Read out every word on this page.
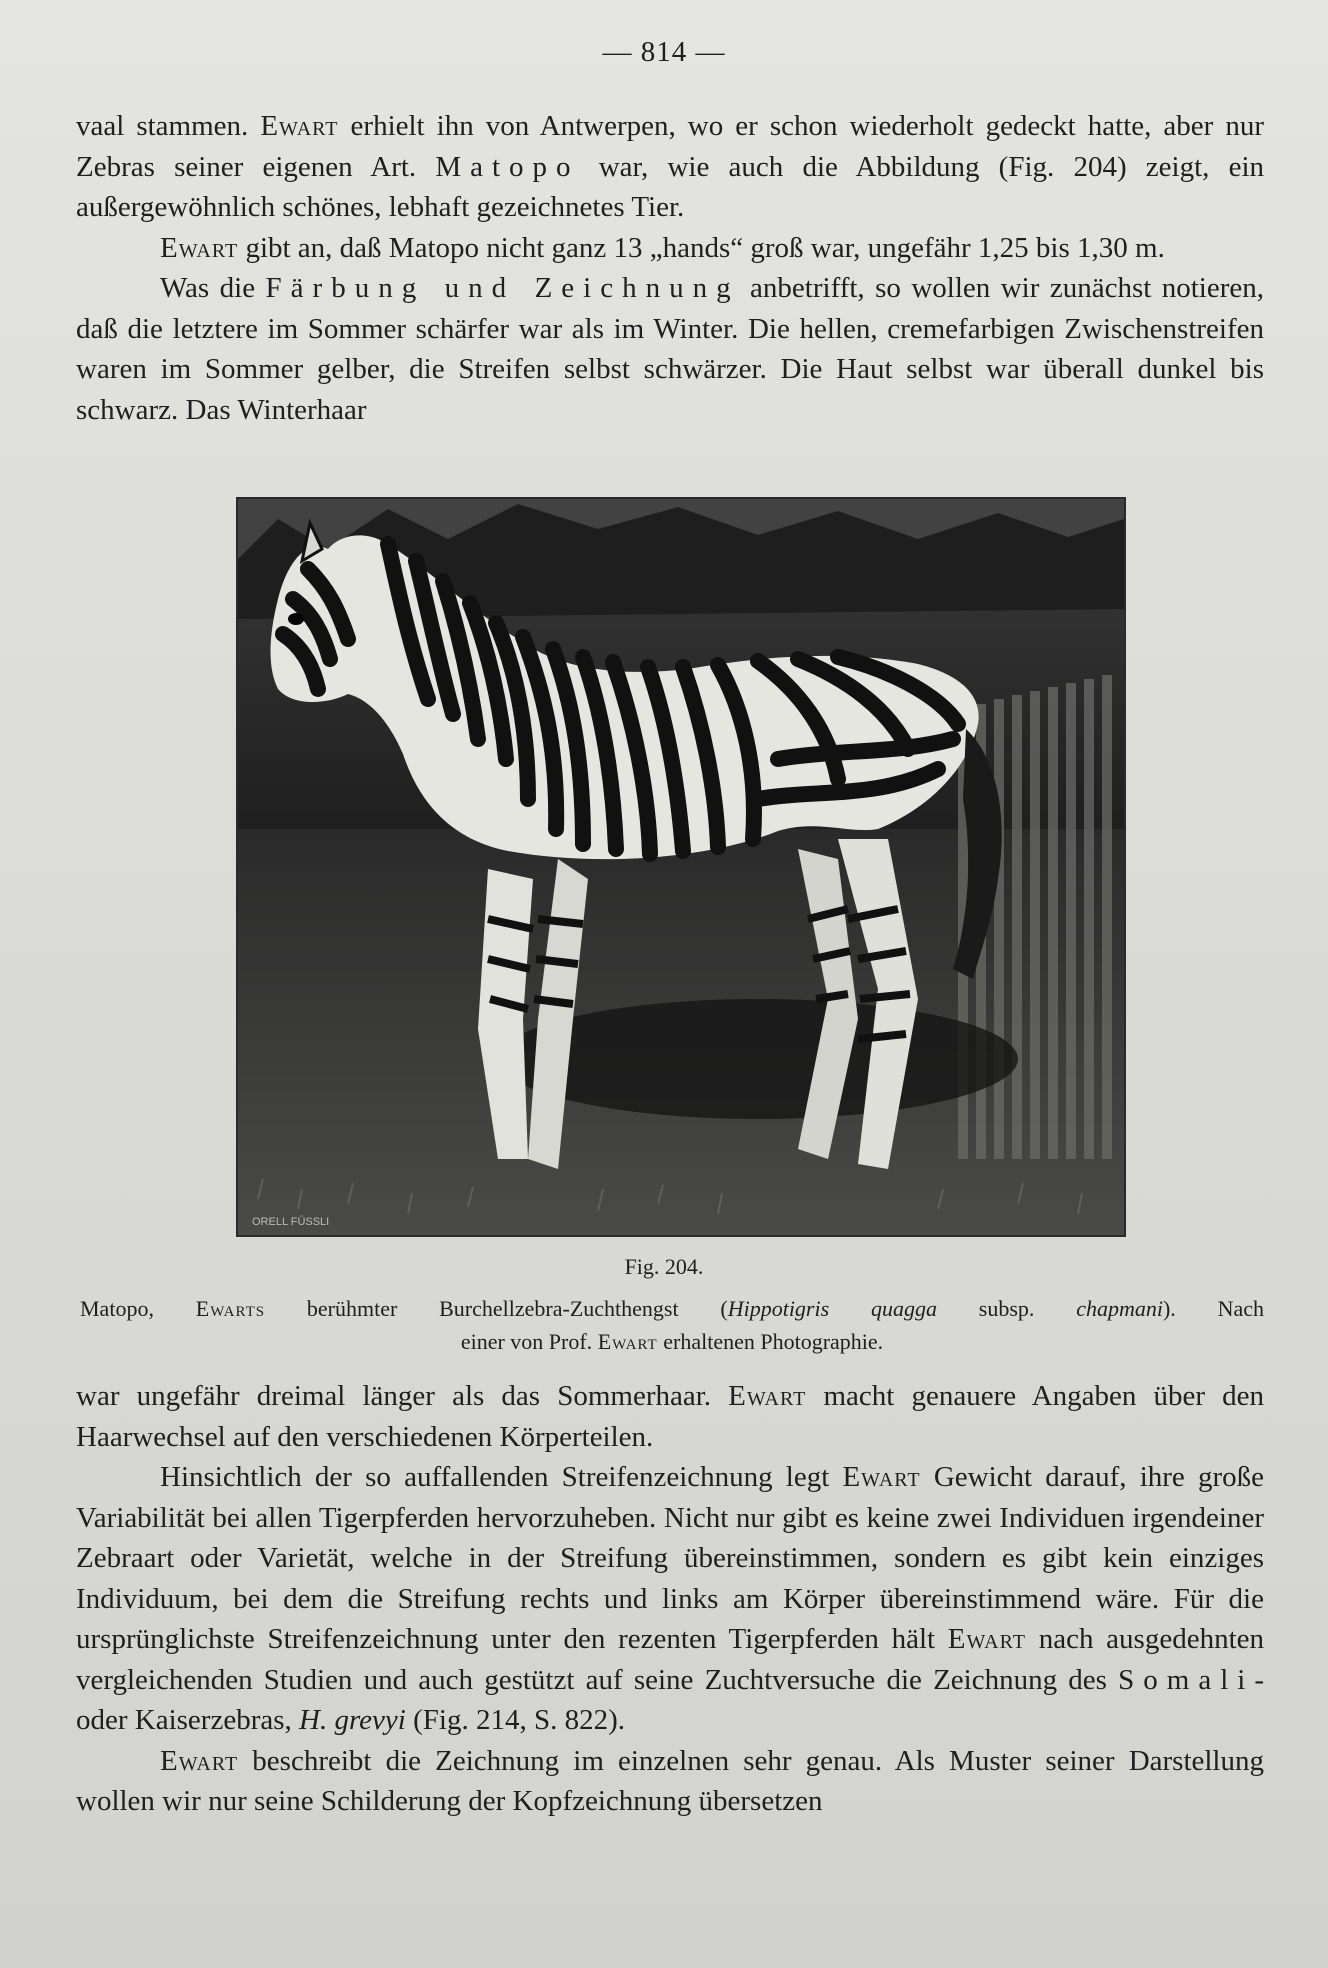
— 814 —

vaal stammen. Ewart erhielt ihn von Antwerpen, wo er schon wiederholt gedeckt hatte, aber nur Zebras seiner eigenen Art. Matopo war, wie auch die Abbildung (Fig. 204) zeigt, ein außergewöhnlich schönes, lebhaft gezeichnetes Tier.

Ewart gibt an, daß Matopo nicht ganz 13 „hands“ groß war, ungefähr 1,25 bis 1,30 m.

Was die Färbung und Zeichnung anbetrifft, so wollen wir zunächst notieren, daß die letztere im Sommer schärfer war als im Winter. Die hellen, cremefarbigen Zwischenstreifen waren im Sommer gelber, die Streifen selbst schwärzer. Die Haut selbst war überall dunkel bis schwarz. Das Winterhaar

ORELL FÜSSLI
Fig. 204.
Matopo, Ewarts berühmter Burchellzebra-Zuchthengst (Hippotigris quagga subsp. chapmani). Nach
einer von Prof. Ewart erhaltenen Photographie.

war ungefähr dreimal länger als das Sommerhaar. Ewart macht genauere Angaben über den Haarwechsel auf den verschiedenen Körperteilen.

Hinsichtlich der so auffallenden Streifenzeichnung legt Ewart Gewicht darauf, ihre große Variabilität bei allen Tigerpferden hervorzuheben. Nicht nur gibt es keine zwei Individuen irgendeiner Zebraart oder Varietät, welche in der Streifung übereinstimmen, sondern es gibt kein einziges Individuum, bei dem die Streifung rechts und links am Körper übereinstimmend wäre. Für die ursprünglichste Streifenzeichnung unter den rezenten Tigerpferden hält Ewart nach ausgedehnten vergleichenden Studien und auch gestützt auf seine Zuchtversuche die Zeichnung des Somali- oder Kaiserzebras, H. grevyi (Fig. 214, S. 822).

Ewart beschreibt die Zeichnung im einzelnen sehr genau. Als Muster seiner Darstellung wollen wir nur seine Schilderung der Kopfzeichnung übersetzen
